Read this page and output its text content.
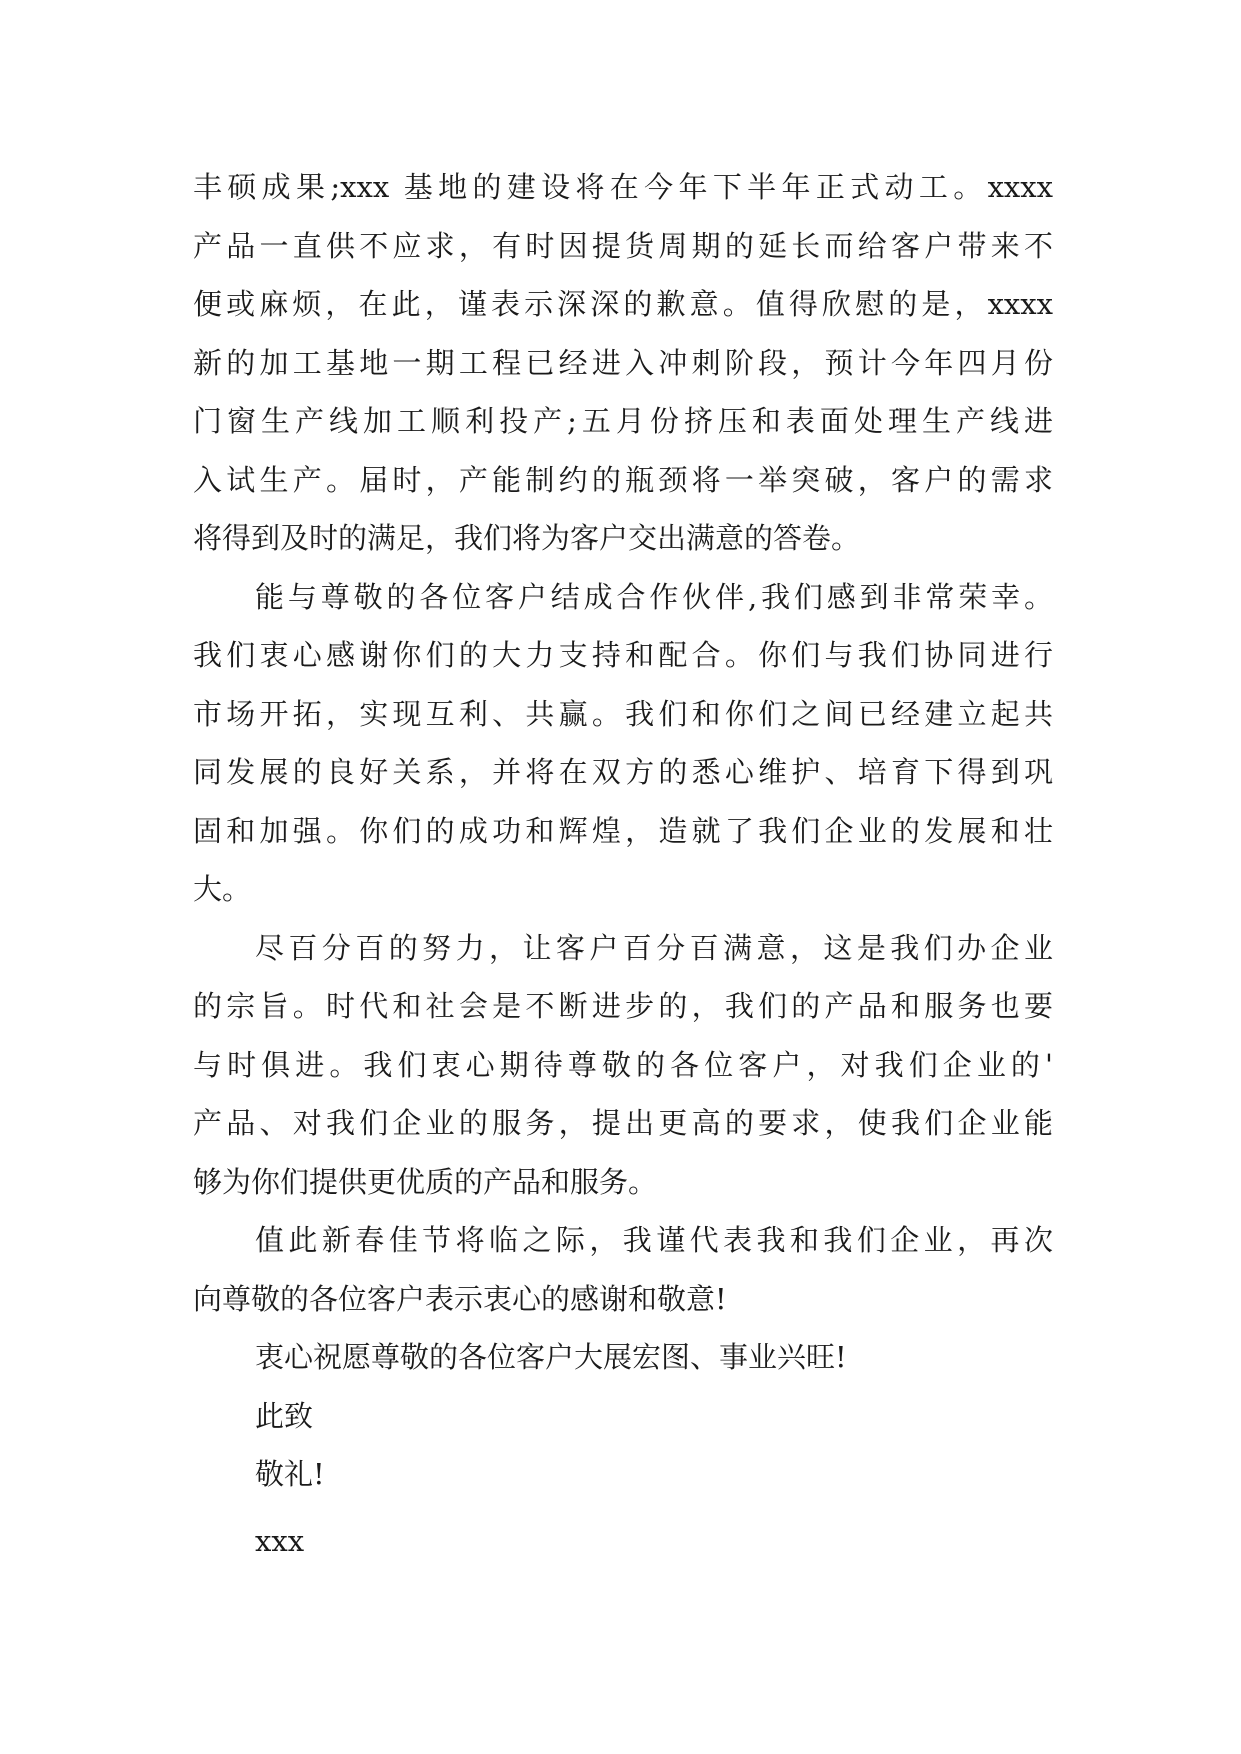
丰硕成果;xxx 基地的建设将在今年下半年正式动工。xxxx
产品一直供不应求，有时因提货周期的延长而给客户带来不
便或麻烦，在此，谨表示深深的歉意。值得欣慰的是，xxxx
新的加工基地一期工程已经进入冲刺阶段，预计今年四月份
门窗生产线加工顺利投产;五月份挤压和表面处理生产线进
入试生产。届时，产能制约的瓶颈将一举突破，客户的需求
将得到及时的满足，我们将为客户交出满意的答卷。
能与尊敬的各位客户结成合作伙伴,我们感到非常荣幸。
我们衷心感谢你们的大力支持和配合。你们与我们协同进行
市场开拓，实现互利、共赢。我们和你们之间已经建立起共
同发展的良好关系，并将在双方的悉心维护、培育下得到巩
固和加强。你们的成功和辉煌，造就了我们企业的发展和壮
大。
尽百分百的努力，让客户百分百满意，这是我们办企业
的宗旨。时代和社会是不断进步的，我们的产品和服务也要
与时俱进。我们衷心期待尊敬的各位客户，对我们企业的'
产品、对我们企业的服务，提出更高的要求，使我们企业能
够为你们提供更优质的产品和服务。
值此新春佳节将临之际，我谨代表我和我们企业，再次
向尊敬的各位客户表示衷心的感谢和敬意!
衷心祝愿尊敬的各位客户大展宏图、事业兴旺!
此致
敬礼!
xxx
